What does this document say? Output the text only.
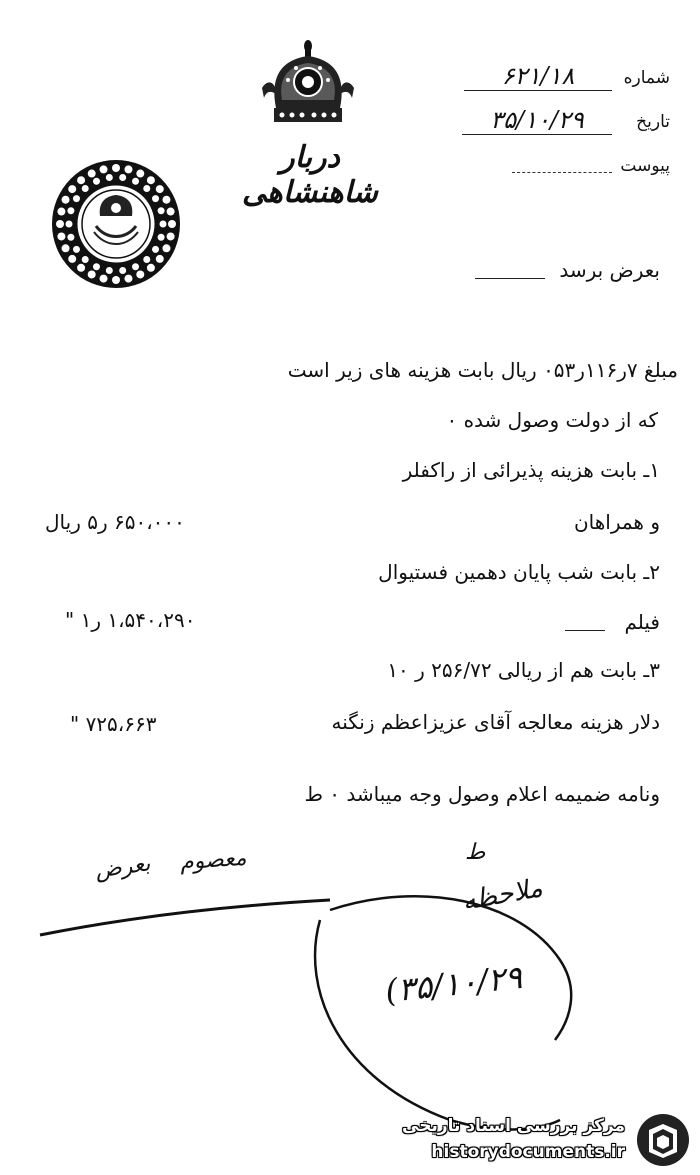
دربار شاهنشاهی
شماره
۶۲۱/۱۸
تاریخ
۳۵/۱۰/۲۹
پیوست
بعرض برسد
مبلغ ۷ر۱۱۶ر۰۵۳ ریال بابت هزینه های زیر است
که از دولت وصول شده ۰
۱ـ بابت هزینه پذیرائی از راکفلر
و همراهان
۶۵۰،۰۰۰ ر۵ ریال
۲ـ بابت شب پایان دهمین فستیوال
فیلم
۱،۵۴۰،۲۹۰ ر۱ "
۳ـ بابت هم از ریالی ۲۵۶/۷۲ ر ۱۰
دلار هزینه معالجه آقای عزیزاعظم زنگنه
۷۲۵،۶۶۳ "
ونامه ضمیمه اعلام وصول وجه میباشد ۰ ط
معصوم
بعرض	ط
ملاحظه
(۳۵/۱۰/۲۹
مرکز بررسی اسناد تاریخی
historydocuments.ir
